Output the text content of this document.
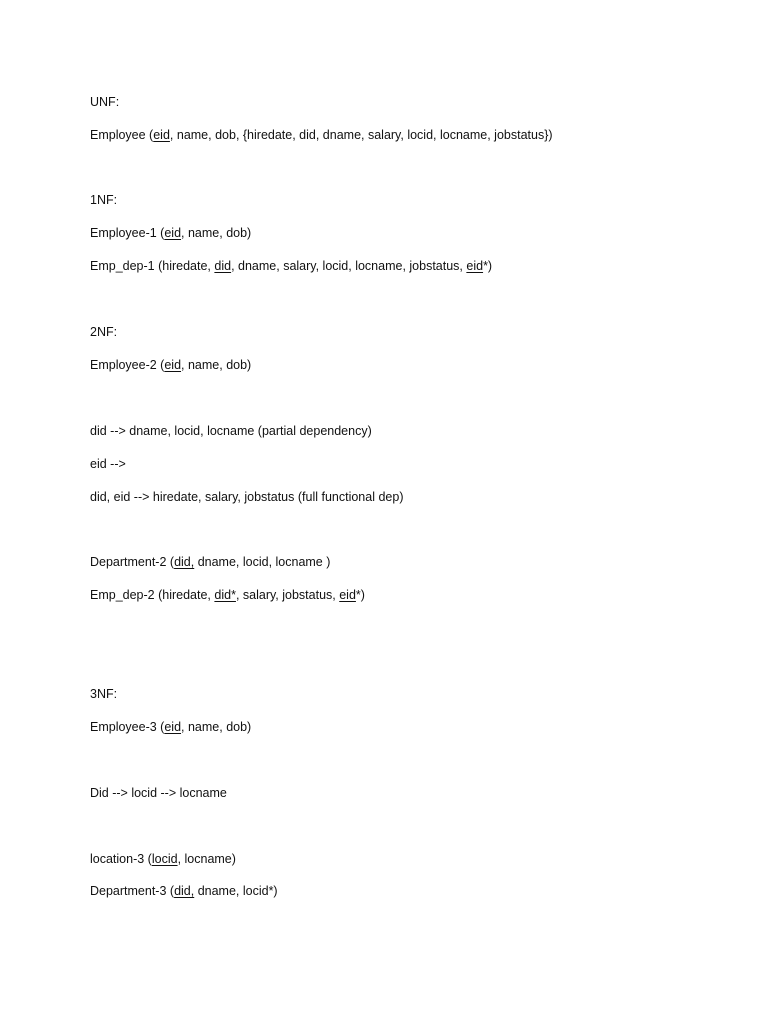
UNF:
Employee (eid, name, dob, {hiredate, did, dname, salary, locid, locname, jobstatus})
1NF:
Employee-1 (eid, name, dob)
Emp_dep-1 (hiredate, did, dname, salary, locid, locname, jobstatus, eid*)
2NF:
Employee-2 (eid, name, dob)
did --> dname, locid, locname (partial dependency)
eid -->
did, eid --> hiredate, salary, jobstatus (full functional dep)
Department-2 (did, dname, locid, locname )
Emp_dep-2 (hiredate, did*, salary, jobstatus, eid*)
3NF:
Employee-3 (eid, name, dob)
Did --> locid --> locname
location-3 (locid, locname)
Department-3 (did, dname, locid*)
